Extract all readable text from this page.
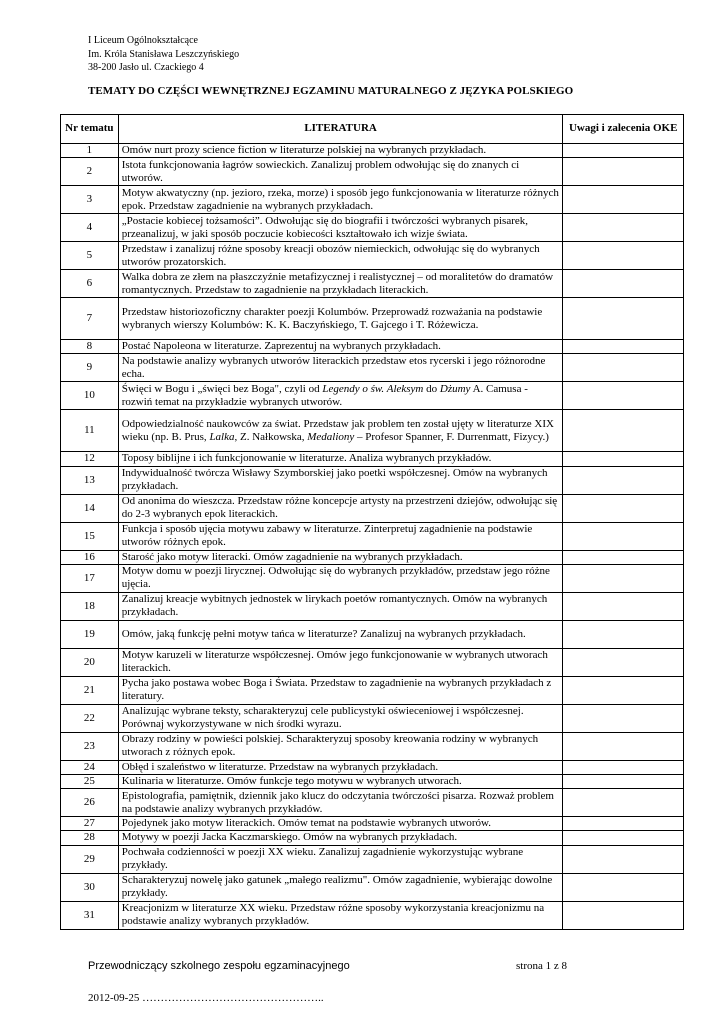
I Liceum Ogólnokształcące
Im. Króla Stanisława Leszczyńskiego
38-200 Jasło ul. Czackiego 4
TEMATY DO CZĘŚCI WEWNĘTRZNEJ EGZAMINU MATURALNEGO Z JĘZYKA POLSKIEGO
Nr tematu	LITERATURA	Uwagi i zalecenia OKE
1	Omów nurt prozy science fiction w literaturze polskiej na wybranych przykładach.	
2	Istota funkcjonowania łagrów sowieckich. Zanalizuj problem odwołując się do znanych ci utworów.	
3	Motyw akwatyczny (np. jezioro, rzeka, morze) i sposób jego funkcjonowania w literaturze różnych epok. Przedstaw zagadnienie na wybranych przykładach.	
4	„Postacie kobiecej tożsamości”. Odwołując się do biografii i twórczości wybranych pisarek, przeanalizuj, w jaki sposób poczucie kobiecości kształtowało ich wizje świata.	
5	Przedstaw i zanalizuj różne sposoby kreacji obozów niemieckich, odwołując się do wybranych utworów prozatorskich.	
6	Walka dobra ze złem na płaszczyźnie metafizycznej i realistycznej – od moralitetów do dramatów romantycznych. Przedstaw to zagadnienie na przykładach literackich.	
7	Przedstaw historiozoficzny charakter poezji Kolumbów. Przeprowadź rozważania na podstawie wybranych wierszy Kolumbów: K. K. Baczyńskiego, T. Gajcego i T. Różewicza.	
8	Postać Napoleona w literaturze. Zaprezentuj na wybranych przykładach.	
9	Na podstawie analizy wybranych utworów literackich przedstaw etos rycerski i jego różnorodne echa.	
10	Święci w Bogu i „święci bez Boga", czyli od Legendy o św. Aleksym do Dżumy A. Camusa - rozwiń temat na przykładzie wybranych utworów.	
11	Odpowiedzialność naukowców za świat. Przedstaw jak problem ten został ujęty w literaturze XIX wieku (np. B. Prus, Lalka, Z. Nałkowska, Medaliony – Profesor Spanner, F. Durrenmatt, Fizycy.)	
12	Toposy biblijne i ich funkcjonowanie w literaturze. Analiza wybranych przykładów.	
13	Indywidualność twórcza Wisławy Szymborskiej jako poetki współczesnej. Omów na wybranych przykładach.	
14	Od anonima do wieszcza. Przedstaw różne koncepcje artysty na przestrzeni dziejów, odwołując się do 2-3 wybranych epok literackich.	
15	Funkcja i sposób ujęcia motywu zabawy w literaturze. Zinterpretuj zagadnienie na podstawie utworów różnych epok.	
16	Starość jako motyw literacki. Omów zagadnienie na wybranych przykładach.	
17	Motyw domu w poezji lirycznej. Odwołując się do wybranych przykładów, przedstaw jego różne ujęcia.	
18	Zanalizuj kreacje wybitnych jednostek w lirykach poetów romantycznych. Omów na wybranych przykładach.	
19	Omów, jaką funkcję pełni motyw tańca w literaturze? Zanalizuj na wybranych przykładach.	
20	Motyw karuzeli w literaturze współczesnej. Omów jego funkcjonowanie w wybranych utworach literackich.	
21	Pycha jako postawa wobec Boga i Świata. Przedstaw to zagadnienie na wybranych przykładach z literatury.	
22	Analizując wybrane teksty, scharakteryzuj cele publicystyki oświeceniowej i współczesnej. Porównaj wykorzystywane w nich środki wyrazu.	
23	Obrazy rodziny w powieści polskiej. Scharakteryzuj sposoby kreowania rodziny w wybranych utworach z różnych epok.	
24	Obłęd i szaleństwo w literaturze. Przedstaw na wybranych przykładach.	
25	Kulinaria w literaturze. Omów funkcje tego motywu w wybranych utworach.	
26	Epistolografia, pamiętnik, dziennik jako klucz do odczytania twórczości pisarza. Rozważ problem na podstawie analizy wybranych przykładów.	
27	Pojedynek jako motyw literackich. Omów temat na podstawie wybranych utworów.	
28	Motywy w poezji Jacka Kaczmarskiego. Omów na wybranych przykładach.	
29	Pochwała codzienności w poezji XX wieku. Zanalizuj zagadnienie wykorzystując wybrane przykłady.	
30	Scharakteryzuj nowelę jako gatunek „małego realizmu". Omów zagadnienie, wybierając dowolne przykłady.	
31	Kreacjonizm w literaturze XX wieku. Przedstaw różne sposoby wykorzystania kreacjonizmu na podstawie analizy wybranych przykładów.	
Przewodniczący szkolnego zespołu egzaminacyjnego	strona 1 z 8
2012-09-25 …………………………………………..
